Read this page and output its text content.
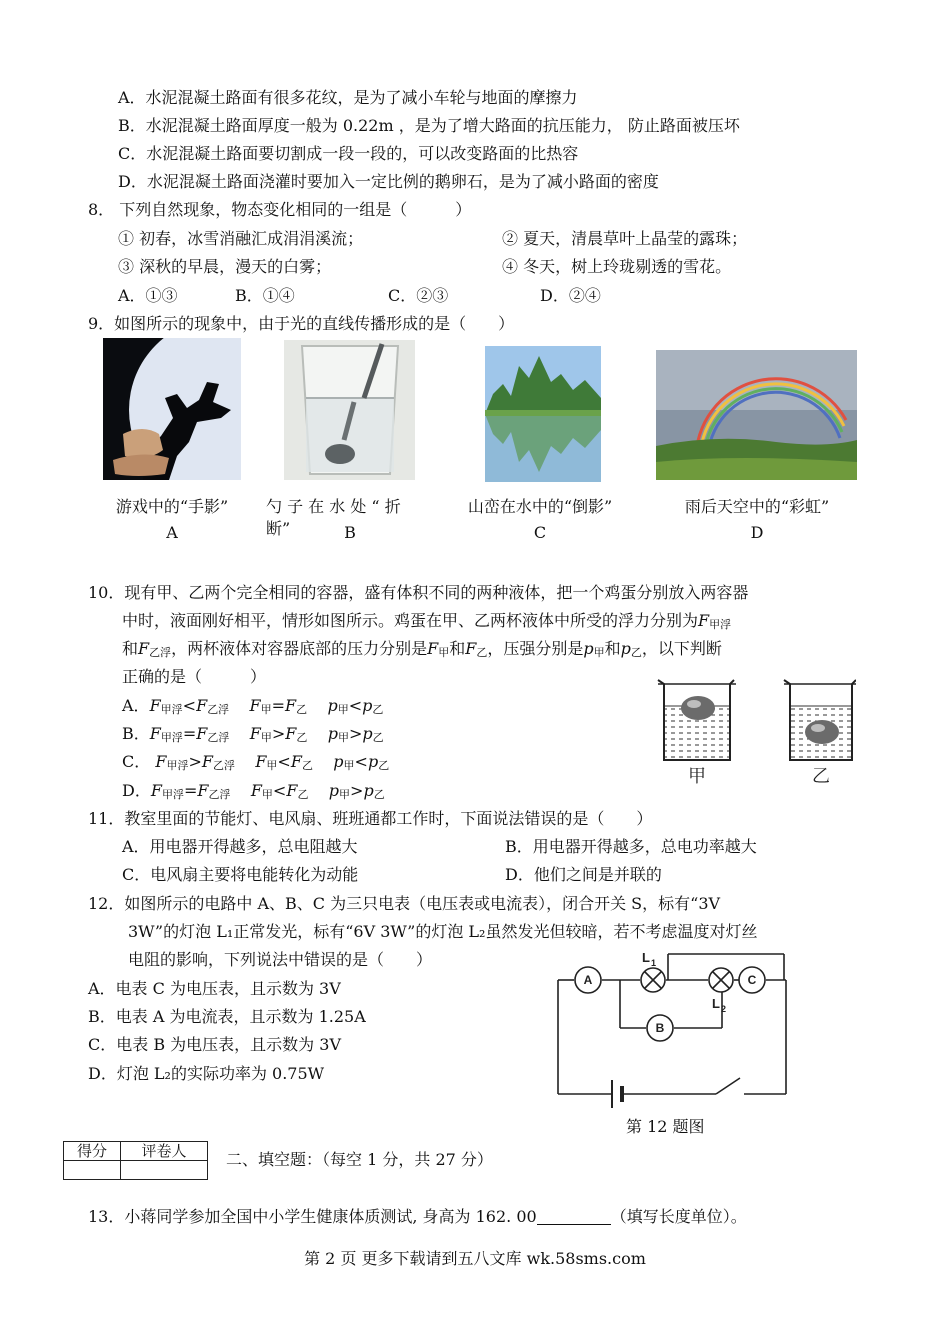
A．水泥混凝土路面有很多花纹，是为了减小车轮与地面的摩擦力
B．水泥混凝土路面厚度一般为 0.22m ，是为了增大路面的抗压能力， 防止路面被压坏
C．水泥混凝土路面要切割成一段一段的，可以改变路面的比热容
D．水泥混凝土路面浇灌时要加入一定比例的鹅卵石，是为了减小路面的密度
8． 下列自然现象，物态变化相同的一组是（　　　）
① 初春，冰雪消融汇成涓涓溪流；	② 夏天，清晨草叶上晶莹的露珠；
③ 深秋的早晨，漫天的白雾；	④ 冬天，树上玲珑剔透的雪花。
A．①③	B．①④	C．②③	D．②④
9．如图所示的现象中，由于光的直线传播形成的是（　　）
游戏中的“手影”
A
勺 子 在 水 处 “ 折
断”	B
山峦在水中的“倒影”
C
雨后天空中的“彩虹”
D
10．现有甲、乙两个完全相同的容器，盛有体积不同的两种液体，把一个鸡蛋分别放入两容器
中时，液面刚好相平，情形如图所示。鸡蛋在甲、乙两杯液体中所受的浮力分别为$F_{甲浮}$
和$F_{乙浮}$，两杯液体对容器底部的压力分别是$F_甲$和$F_乙$，压强分别是$p_甲$和$p_乙$，以下判断
正确的是（　　　）
A．$F_{甲浮}<F_{乙浮}$ $F_甲=F_乙$ $p_甲<p_乙$
B．$F_{甲浮}=F_{乙浮}$ $F_甲>F_乙$ $p_甲>p_乙$
C． $F_{甲浮}>F_{乙浮}$ $F_甲<F_乙$ $p_甲<p_乙$
D．$F_{甲浮}=F_{乙浮}$ $F_甲<F_乙$ $p_甲>p_乙$
甲	乙
11．教室里面的节能灯、电风扇、班班通都工作时，下面说法错误的是（　　）
A．用电器开得越多，总电阻越大	B．用电器开得越多，总电功率越大
C．电风扇主要将电能转化为动能	D．他们之间是并联的
12．如图所示的电路中 A、B、C 为三只电表（电压表或电流表），闭合开关 S，标有“3V
3W”的灯泡 L₁正常发光，标有“6V 3W”的灯泡 L₂虽然发光但较暗，若不考虑温度对灯丝
电阻的影响，下列说法中错误的是（　　）
A．电表 C 为电压表，且示数为 3V
B．电表 A 为电流表，且示数为 1.25A
C．电表 B 为电压表，且示数为 3V
D．灯泡 L₂的实际功率为 0.75W
A
B
C
L 1
L 2
第 12 题图
得分	评卷人
	二、填空题：（每空 1 分，共 27 分）
13．小蒋同学参加全国中小学生健康体质测试, 身高为 162. 00	（填写长度单位）。
第 2 页 更多下载请到五八文库 wk.58sms.com
